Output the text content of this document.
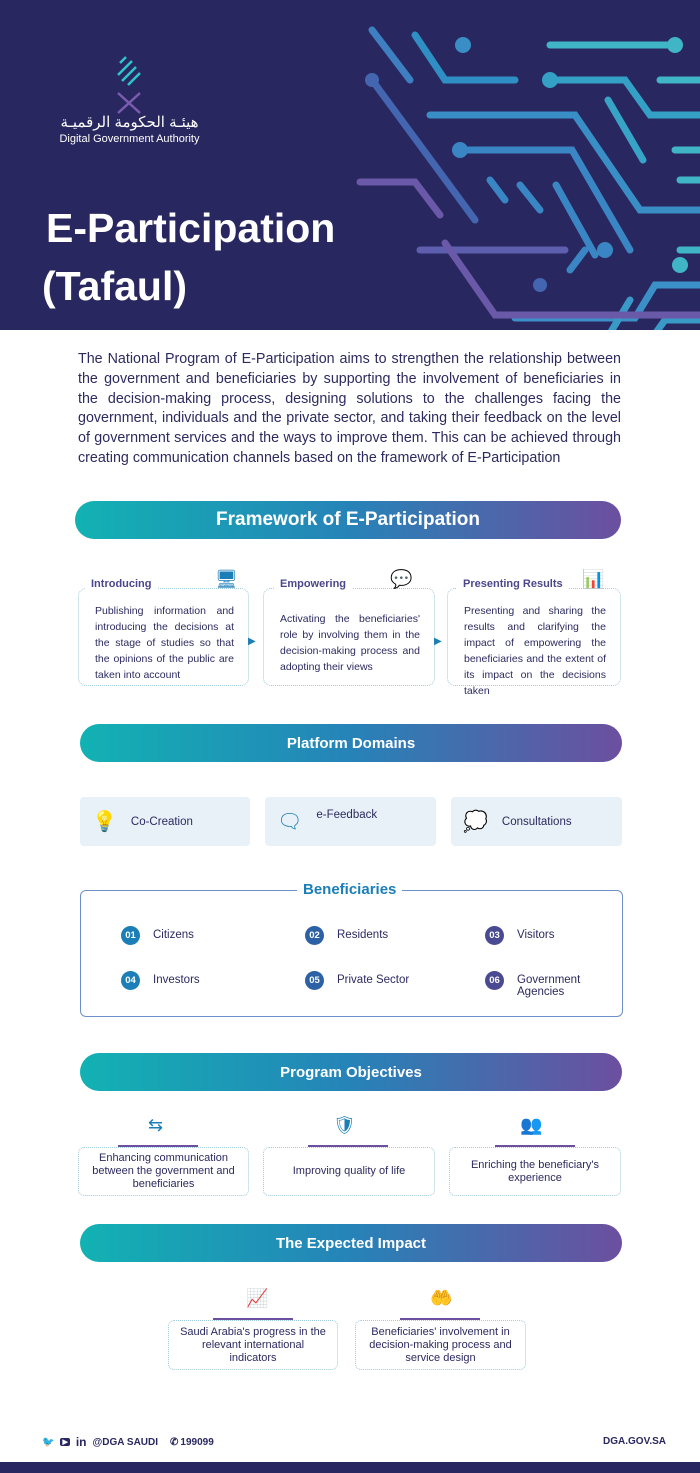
هيئـة الحكومة الرقميـة
Digital Government Authority
E-Participation
(Tafaul)

The National Program of E-Participation aims to strengthen the relationship between the government and beneficiaries by supporting the involvement of beneficiaries in the decision-making process, designing solutions to the challenges facing the government, individuals and the private sector, and taking their feedback on the level of government services and the ways to improve them. This can be achieved through creating communication channels based on the framework of E-Participation

Framework of E-Participation

Publishing information and introducing the decisions at the stage of studies so that the opinions of the public are taken into account

Introducing	🖥

Activating the beneficiaries' role by involving them in the decision-making process and adopting their views

Empowering	💬

Presenting and sharing the results and clarifying the impact of empowering the beneficiaries and the extent of its impact on the decisions taken

Presenting Results	📊
▶	▶
Platform Domains
💡 Co-Creation	🗨 e-Feedback	💭 Consultations
Beneficiaries
01	Citizens	02	Residents	03	Visitors
04	Investors	05	Private Sector	06	Government Agencies
Program Objectives
⇆
Enhancing communication between the government and beneficiaries
🛡
Improving quality of life
👥
Enriching the beneficiary's experience
The Expected Impact
📈
Saudi Arabia's progress in the relevant international indicators
🤲
Beneficiaries' involvement in decision-making process and service design
🐦 ▶ in @DGA SAUDI ✆ 199099	DGA.GOV.SA
